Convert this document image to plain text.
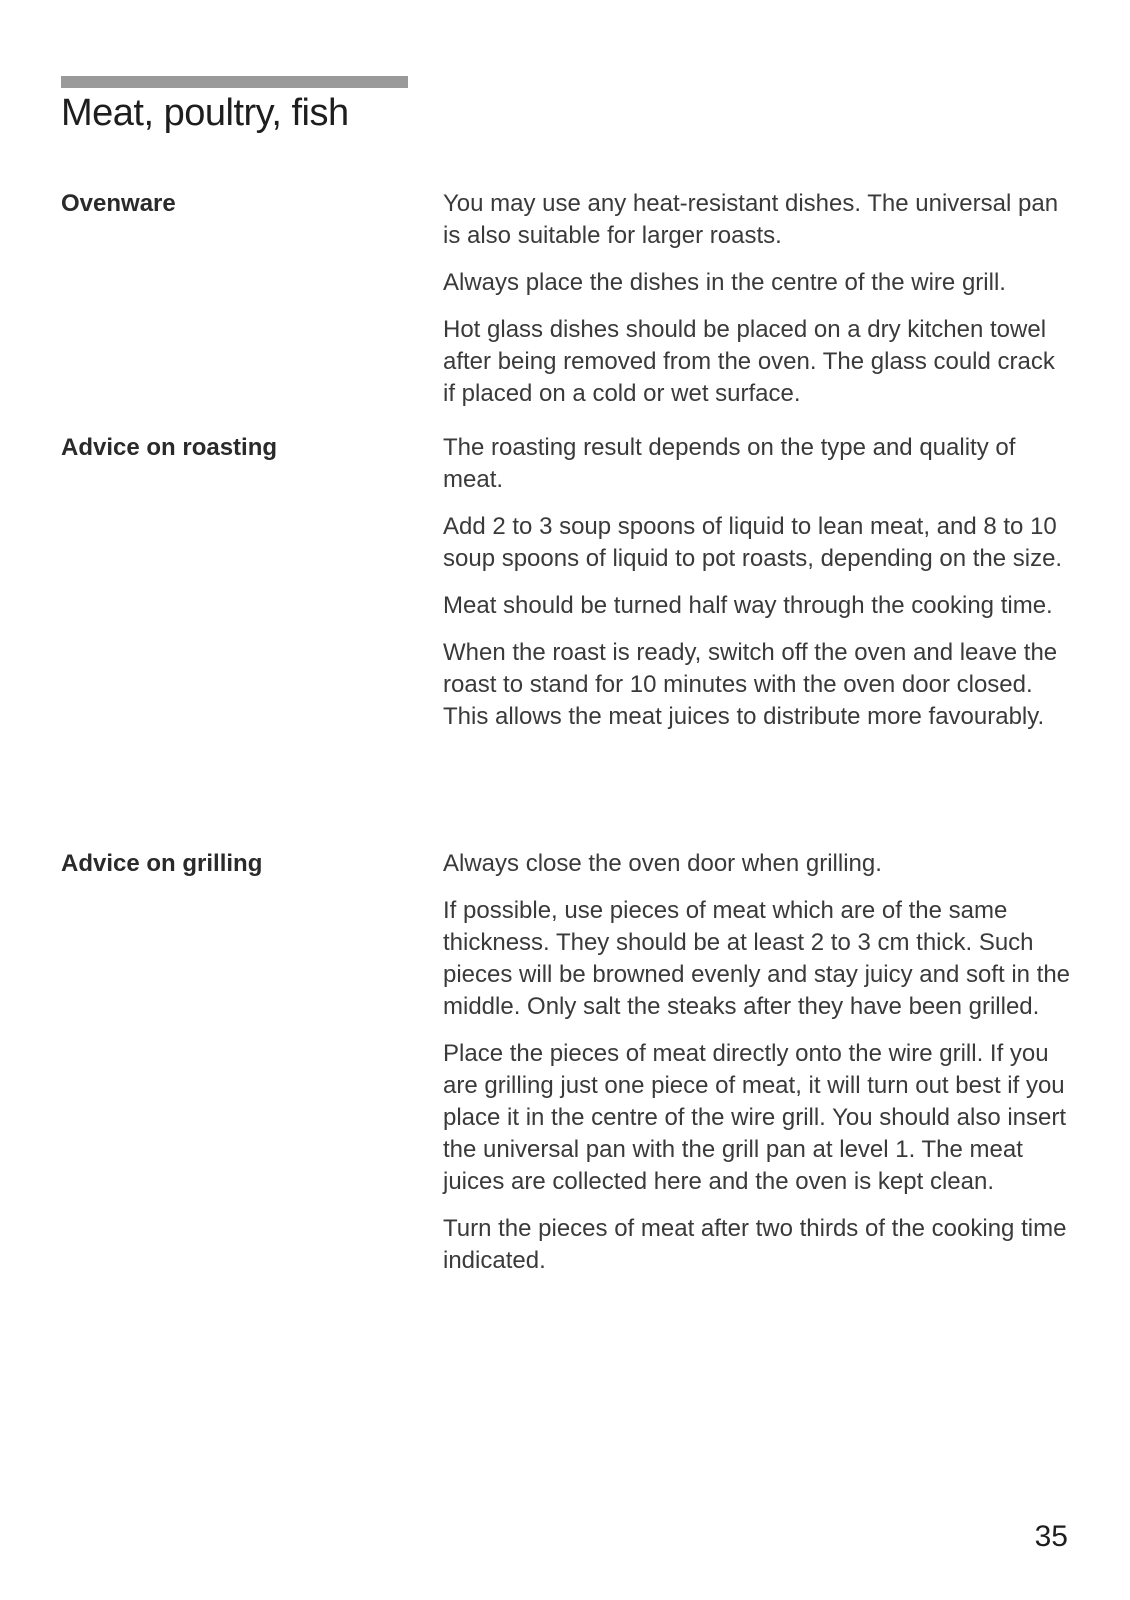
Meat, poultry, fish
Ovenware	You may use any heat-resistant dishes. The universal pan is also suitable for larger roasts.

Always place the dishes in the centre of the wire grill.

Hot glass dishes should be placed on a dry kitchen towel after being removed from the oven. The glass could crack if placed on a cold or wet surface.

Advice on roasting	The roasting result depends on the type and quality of meat.

Add 2 to 3 soup spoons of liquid to lean meat, and 8 to 10 soup spoons of liquid to pot roasts, depending on the size.

Meat should be turned half way through the cooking time.

When the roast is ready, switch off the oven and leave the roast to stand for 10 minutes with the oven door closed. This allows the meat juices to distribute more favourably.

Advice on grilling	Always close the oven door when grilling.

If possible, use pieces of meat which are of the same thickness. They should be at least 2 to 3 cm thick. Such pieces will be browned evenly and stay juicy and soft in the middle. Only salt the steaks after they have been grilled.

Place the pieces of meat directly onto the wire grill. If you are grilling just one piece of meat, it will turn out best if you place it in the centre of the wire grill. You should also insert the universal pan with the grill pan at level 1. The meat juices are collected here and the oven is kept clean.

Turn the pieces of meat after two thirds of the cooking time indicated.

35
